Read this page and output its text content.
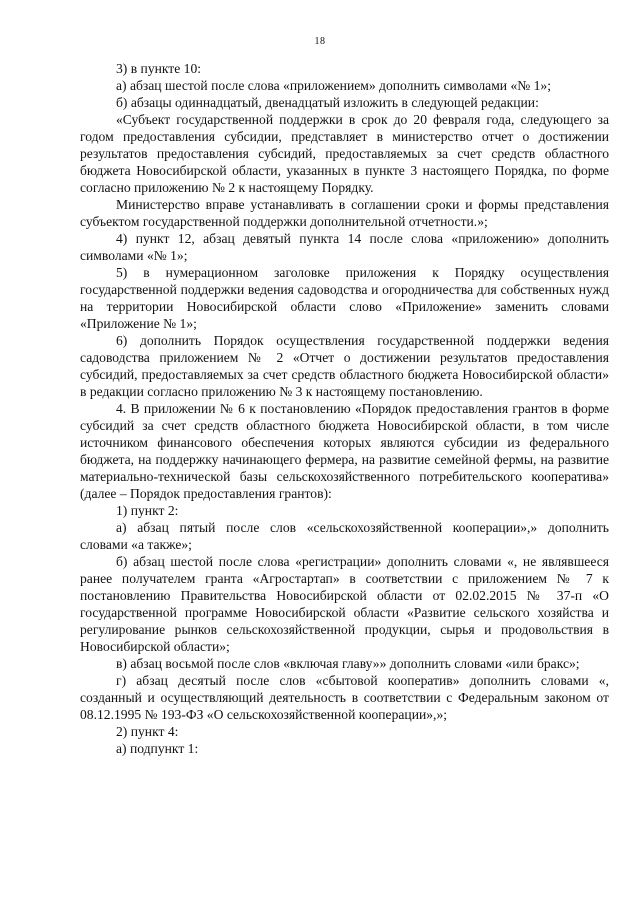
18

3) в пункте 10:

а) абзац шестой после слова «приложением» дополнить символами «№ 1»;

б) абзацы одиннадцатый, двенадцатый изложить в следующей редакции:

«Субъект государственной поддержки в срок до 20 февраля года, следующего за годом предоставления субсидии, представляет в министерство отчет о достижении результатов предоставления субсидий, предоставляемых за счет средств областного бюджета Новосибирской области, указанных в пункте 3 настоящего Порядка, по форме согласно приложению № 2 к настоящему Порядку.

Министерство вправе устанавливать в соглашении сроки и формы представления субъектом государственной поддержки дополнительной отчетности.»;

4) пункт 12, абзац девятый пункта 14 после слова «приложению» дополнить символами «№ 1»;

5) в нумерационном заголовке приложения к Порядку осуществления государственной поддержки ведения садоводства и огородничества для собственных нужд на территории Новосибирской области слово «Приложение» заменить словами «Приложение № 1»;

6) дополнить Порядок осуществления государственной поддержки ведения садоводства приложением № 2 «Отчет о достижении результатов предоставления субсидий, предоставляемых за счет средств областного бюджета Новосибирской области» в редакции согласно приложению № 3 к настоящему постановлению.

4. В приложении № 6 к постановлению «Порядок предоставления грантов в форме субсидий за счет средств областного бюджета Новосибирской области, в том числе источником финансового обеспечения которых являются субсидии из федерального бюджета, на поддержку начинающего фермера, на развитие семейной фермы, на развитие материально-технической базы сельскохозяйственного потребительского кооператива» (далее – Порядок предоставления грантов):

1) пункт 2:

а) абзац пятый после слов «сельскохозяйственной кооперации»,» дополнить словами «а также»;

б) абзац шестой после слова «регистрации» дополнить словами «, не являвшееся ранее получателем гранта «Агростартап» в соответствии с приложением № 7 к постановлению Правительства Новосибирской области от 02.02.2015 № 37-п «О государственной программе Новосибирской области «Развитие сельского хозяйства и регулирование рынков сельскохозяйственной продукции, сырья и продовольствия в Новосибирской области»;

в) абзац восьмой после слов «включая главу»» дополнить словами «или бракс»;

г) абзац десятый после слов «сбытовой кооператив» дополнить словами «, созданный и осуществляющий деятельность в соответствии с Федеральным законом от 08.12.1995 № 193-ФЗ «О сельскохозяйственной кооперации»,»;

2) пункт 4:

а) подпункт 1:
